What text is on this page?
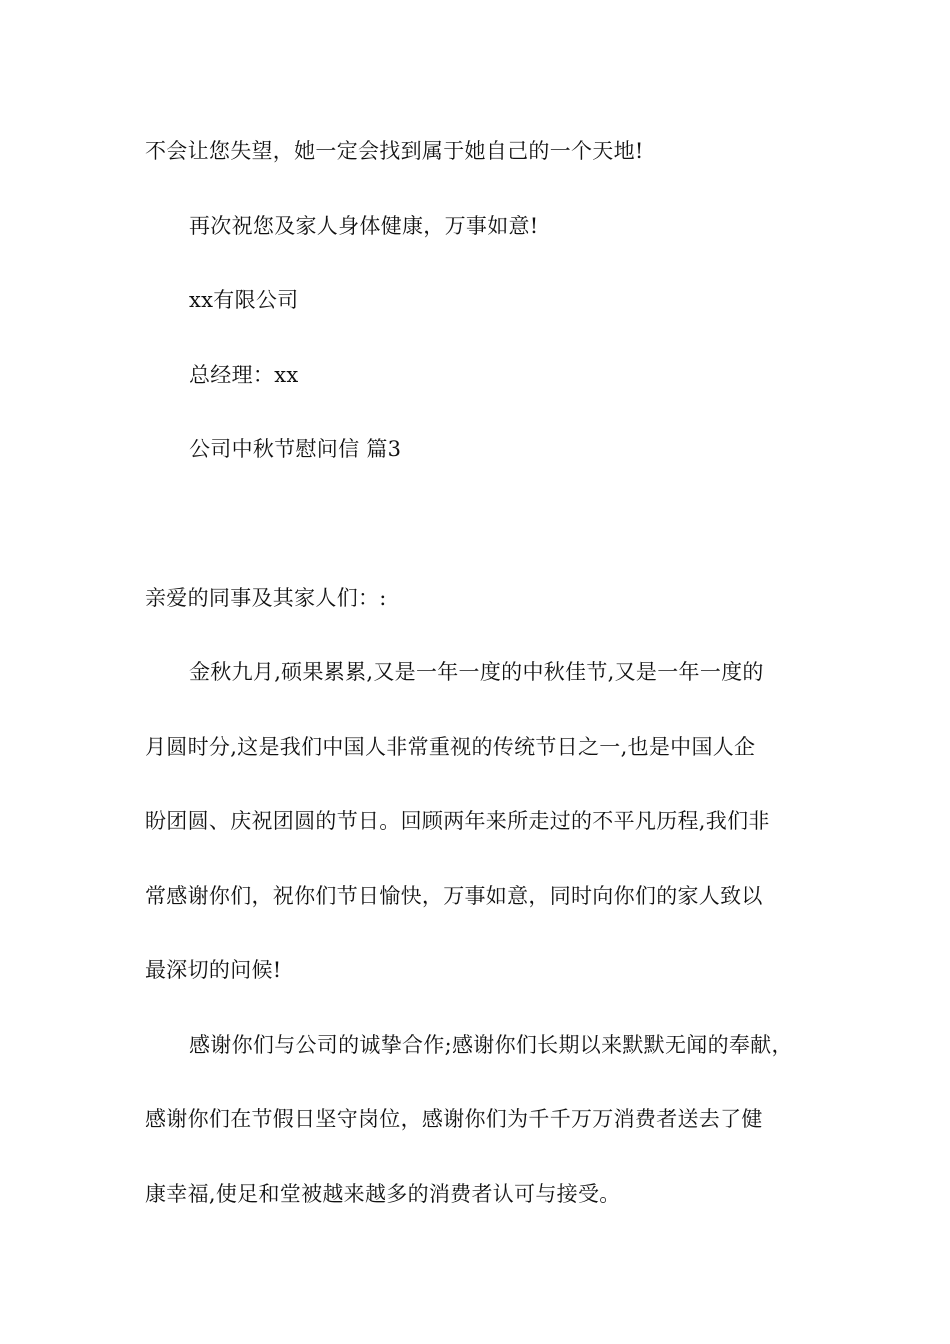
不会让您失望，她一定会找到属于她自己的一个天地!
再次祝您及家人身体健康，万事如意!
xx有限公司
总经理：xx
公司中秋节慰问信 篇3
亲爱的同事及其家人们：:
金秋九月,硕果累累,又是一年一度的中秋佳节,又是一年一度的
月圆时分,这是我们中国人非常重视的传统节日之一,也是中国人企
盼团圆、庆祝团圆的节日。回顾两年来所走过的不平凡历程,我们非
常感谢你们，祝你们节日愉快，万事如意，同时向你们的家人致以
最深切的问候!
感谢你们与公司的诚挚合作;感谢你们长期以来默默无闻的奉献，
感谢你们在节假日坚守岗位，感谢你们为千千万万消费者送去了健
康幸福,使足和堂被越来越多的消费者认可与接受。
